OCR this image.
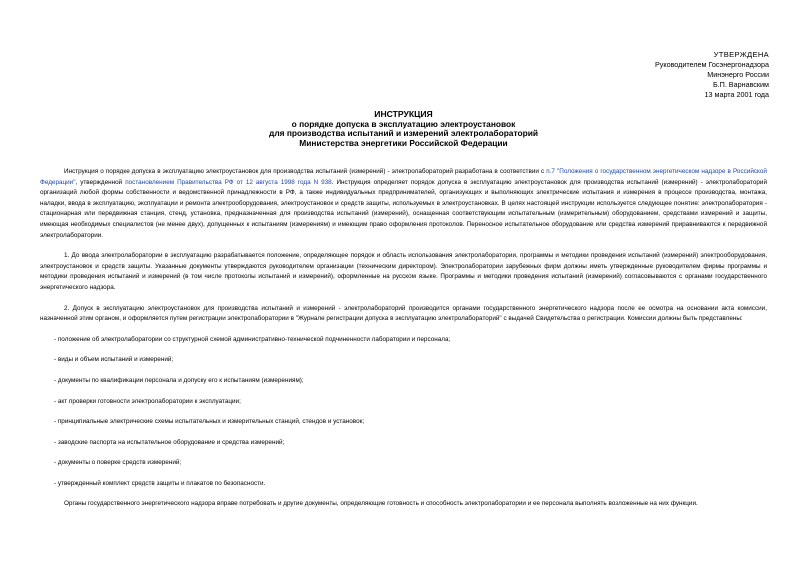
УТВЕРЖДЕНА
Руководителем Госэнергонадзора
Минэнерго России
Б.П. Варнавским
13 марта 2001 года
ИНСТРУКЦИЯ
о порядке допуска в эксплуатацию электроустановок
для производства испытаний и измерений электролабораторий
Министерства энергетики Российской Федерации

Инструкция о порядке допуска в эксплуатацию электроустановок для производства испытаний (измерений) - электролабораторий разработана в соответствии с п.7 "Положения о государственном энергетическом надзоре в Российской Федерации", утвержденной постановлением Правительства РФ от 12 августа 1998 года N 938. Инструкция определяет порядок допуска в эксплуатацию электроустановок для производства испытаний (измерений) - электролабораторий организаций любой формы собственности и ведомственной принадлежности в РФ, а также индивидуальных предпринимателей, организующих и выполняющих электрические испытания и измерения в процессе производства, монтажа, наладки, ввода в эксплуатацию, эксплуатации и ремонта электрооборудования, электроустановок и средств защиты, используемых в электроустановках. В целях настоящей инструкции используется следующее понятие: электролаборатория - стационарная или передвижная станция, стенд, установка, предназначенная для производства испытаний (измерений), оснащенная соответствующим испытательным (измерительным) оборудованием, средствами измерений и защиты, имеющая необходимых специалистов (не менее двух), допущенных к испытаниям (измерениям) и имеющим право оформления протоколов. Переносное испытательное оборудование или средства измерений приравниваются к передвижной электролаборатории.

1. До ввода электролаборатории в эксплуатацию разрабатывается положение, определяющее порядок и область использования электролаборатории, программы и методики проведения испытаний (измерений) электрооборудования, электроустановок и средств защиты. Указанные документы утверждаются руководителем организации (техническим директором). Электролаборатории зарубежных фирм должны иметь утвержденные руководителем фирмы программы и методики проведения испытаний и измерений (в том числе протоколы испытаний и измерений), оформленные на русском языке. Программы и методики проведения испытаний (измерений) согласовываются с органами государственного энергетического надзора.

2. Допуск в эксплуатацию электроустановок для производства испытаний и измерений - электролабораторий производится органами государственного энергетического надзора после ее осмотра на основании акта комиссии, назначенной этим органом, и оформляется путем регистрации электролаборатории в "Журнале регистрации допуска в эксплуатацию электролабораторий" с выдачей Свидетельства о регистрации. Комиссии должны быть представлены:

- положение об электролаборатории со структурной схемой административно-технической подчиненности лаборатории и персонала;

- виды и объем испытаний и измерений;

- документы по квалификации персонала и допуску его к испытаниям (измерениям);

- акт проверки готовности электролаборатории к эксплуатации;

- принципиальные электрические схемы испытательных и измерительных станций, стендов и установок;

- заводские паспорта на испытательное оборудование и средства измерений;

- документы о поверке средств измерений;

- утвержденный комплект средств защиты и плакатов по безопасности.

Органы государственного энергетического надзора вправе потребовать и другие документы, определяющие готовность и способность электролаборатории и ее персонала выполнять возложенные на них функции.
